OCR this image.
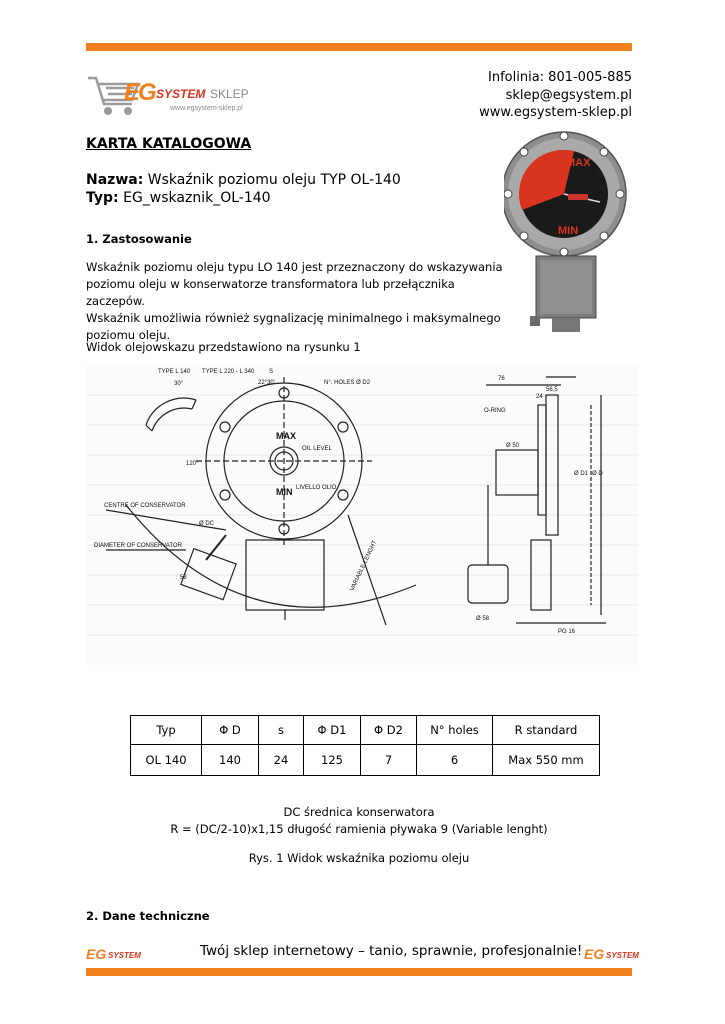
E
G SYSTEM SKLEP
www.egsystem-sklep.pl
Infolinia: 801-005-885
sklep@egsystem.pl
www.egsystem-sklep.pl
KARTA KATALOGOWA
Nazwa: Wskaźnik poziomu oleju TYP OL-140
Typ: EG_wskaznik_OL-140
1. Zastosowanie
Wskaźnik poziomu oleju typu LO 140 jest przeznaczony do wskazywania
poziomu oleju w konserwatorze transformatora lub przełącznika zaczepów.
Wskaźnik umożliwia również sygnalizację minimalnego i maksymalnego
poziomu oleju.
Widok olejowskazu przedstawiono na rysunku 1
MAX
MIN
TYPE L 140 TYPE L 220 - L 340 S
30°	22°30'	N°. HOLES Ø D2
MAX
OIL LEVEL
MIN LIVELLO OLIO
120°
CENTRE OF CONSERVATOR
DIAMETER OF CONSERVATOR
Ø DC
VARIABLE LENGHT
58
76
56,5
24
O-RING
Ø 50
Ø D1 Ø D
Ø 58
PG 16
Typ	Φ D	s	Φ D1	Φ D2	N° holes	R standard
OL 140	140	24	125	7	6	Max 550 mm
DC średnica konserwatora
R = (DC/2-10)x1,15 długość ramienia pływaka 9 (Variable lenght)
Rys. 1 Widok wskaźnika poziomu oleju
2. Dane techniczne
EG SYSTEM	Twój sklep internetowy – tanio, sprawnie, profesjonalnie! EG SYSTEM
